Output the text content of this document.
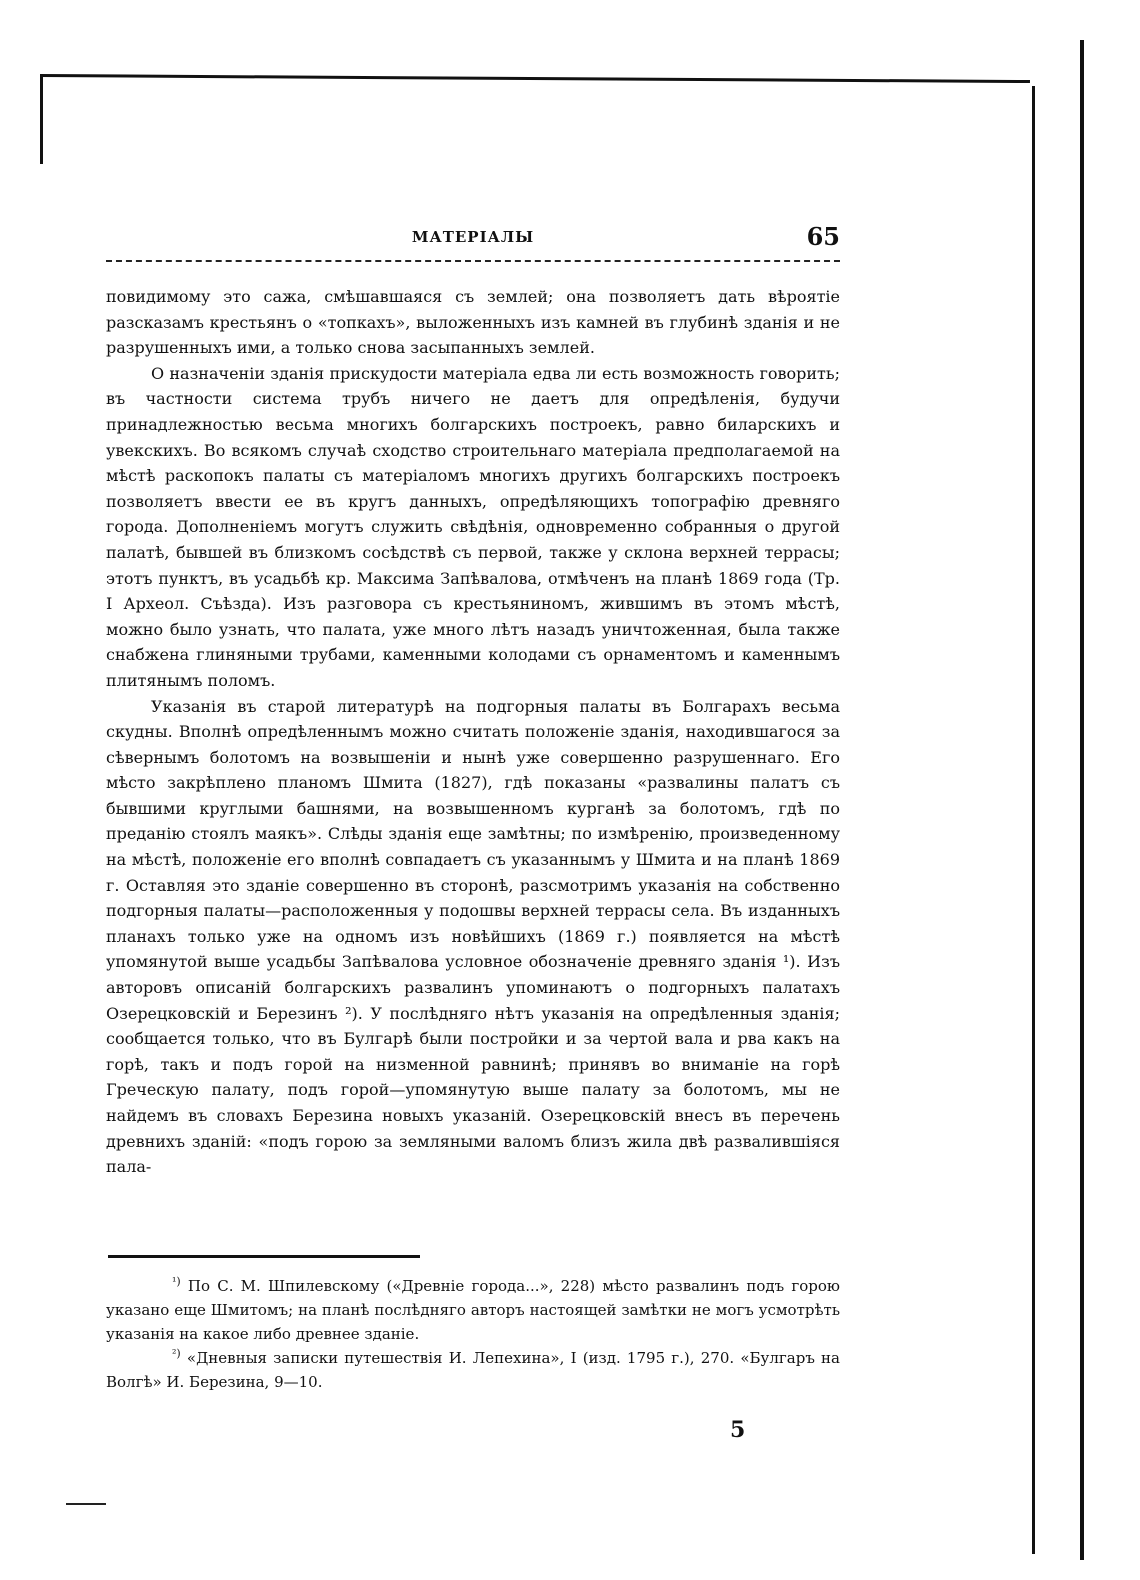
МАТЕРІАЛЫ	65

повидимому это сажа, смѣшавшаяся съ землей; она позволяетъ дать вѣроятіе разсказамъ крестьянъ о «топкахъ», выложенныхъ изъ камней въ глубинѣ зданія и не разрушенныхъ ими, а только снова засыпанныхъ землей.

О назначеніи зданія прискудости матеріала едва ли есть возможность говорить; въ частности система трубъ ничего не даетъ для опредѣленія, будучи принадлежностью весьма многихъ болгарскихъ построекъ, равно биларскихъ и увекскихъ. Во всякомъ случаѣ сходство строительнаго матеріала предполагаемой на мѣстѣ раскопокъ палаты съ матеріаломъ многихъ другихъ болгарскихъ построекъ позволяетъ ввести ее въ кругъ данныхъ, опредѣляющихъ топографію древняго города. Дополненіемъ могутъ служить свѣдѣнія, одновременно собранныя о другой палатѣ, бывшей въ близкомъ сосѣдствѣ съ первой, также у склона верхней террасы; этотъ пунктъ, въ усадьбѣ кр. Максима Запѣвалова, отмѣченъ на планѣ 1869 года (Тр. I Археол. Съѣзда). Изъ разговора съ крестьяниномъ, жившимъ въ этомъ мѣстѣ, можно было узнать, что палата, уже много лѣтъ назадъ уничтоженная, была также снабжена глиняными трубами, каменными колодами съ орнаментомъ и каменнымъ плитянымъ поломъ.

Указанія въ старой литературѣ на подгорныя палаты въ Болгарахъ весьма скудны. Вполнѣ опредѣленнымъ можно считать положеніе зданія, находившагося за сѣвернымъ болотомъ на возвышеніи и нынѣ уже совершенно разрушеннаго. Его мѣсто закрѣплено планомъ Шмита (1827), гдѣ показаны «развалины палатъ съ бывшими круглыми башнями, на возвышенномъ курганѣ за болотомъ, гдѣ по преданію стоялъ маякъ». Слѣды зданія еще замѣтны; по измѣренію, произведенному на мѣстѣ, положеніе его вполнѣ совпадаетъ съ указаннымъ у Шмита и на планѣ 1869 г. Оставляя это зданіе совершенно въ сторонѣ, разсмотримъ указанія на собственно подгорныя палаты—расположенныя у подошвы верхней террасы села. Въ изданныхъ планахъ только уже на одномъ изъ новѣйшихъ (1869 г.) появляется на мѣстѣ упомянутой выше усадьбы Запѣвалова условное обозначеніе древняго зданія ¹). Изъ авторовъ описаній болгарскихъ развалинъ упоминаютъ о подгорныхъ палатахъ Озерецковскій и Березинъ ²). У послѣдняго нѣтъ указанія на опредѣленныя зданія; сообщается только, что въ Булгарѣ были постройки и за чертой вала и рва какъ на горѣ, такъ и подъ горой на низменной равнинѣ; принявъ во вниманіе на горѣ Греческую палату, подъ горой—упомянутую выше палату за болотомъ, мы не найдемъ въ словахъ Березина новыхъ указаній. Озерецковскій внесъ въ перечень древнихъ зданій: «подъ горою за земляными валомъ близъ жила двѣ развалившіяся пала-

$^{^1)}$ По С. М. Шпилевскому («Древніе города...», 228) мѣсто развалинъ подъ горою указано еще Шмитомъ; на планѣ послѣдняго авторъ настоящей замѣтки не могъ усмотрѣть указанія на какое либо древнее зданіе.

$^{^2)}$ «Дневныя записки путешествія И. Лепехина», I (изд. 1795 г.), 270. «Булгаръ на Волгѣ» И. Березина, 9—10.

5
